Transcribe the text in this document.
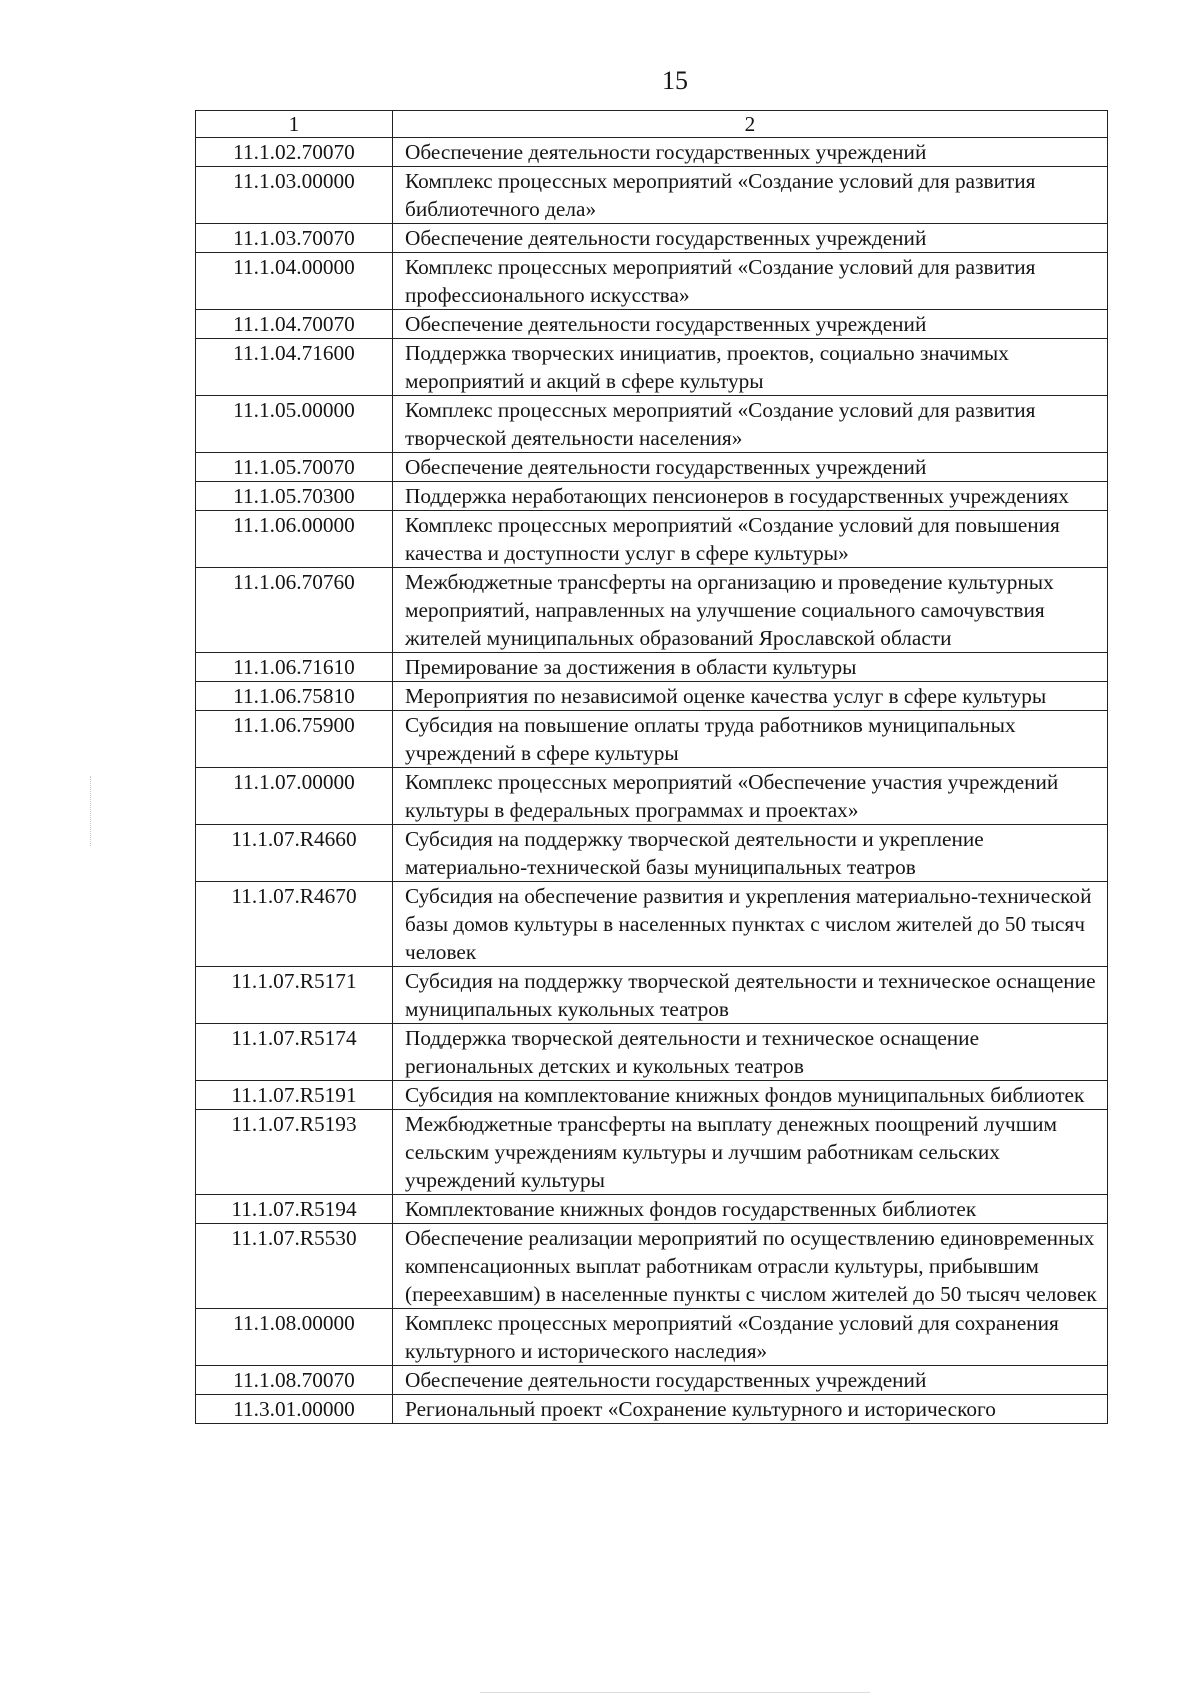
15
1	2
11.1.02.70070	Обеспечение деятельности государственных учреждений
11.1.03.00000	Комплекс процессных мероприятий «Создание условий для развития библиотечного дела»
11.1.03.70070	Обеспечение деятельности государственных учреждений
11.1.04.00000	Комплекс процессных мероприятий «Создание условий для развития профессионального искусства»
11.1.04.70070	Обеспечение деятельности государственных учреждений
11.1.04.71600	Поддержка творческих инициатив, проектов, социально значимых мероприятий и акций в сфере культуры
11.1.05.00000	Комплекс процессных мероприятий «Создание условий для развития творческой деятельности населения»
11.1.05.70070	Обеспечение деятельности государственных учреждений
11.1.05.70300	Поддержка неработающих пенсионеров в государственных учреждениях
11.1.06.00000	Комплекс процессных мероприятий «Создание условий для повышения качества и доступности услуг в сфере культуры»
11.1.06.70760	Межбюджетные трансферты на организацию и проведение культурных мероприятий, направленных на улучшение социального самочувствия жителей муниципальных образований Ярославской области
11.1.06.71610	Премирование за достижения в области культуры
11.1.06.75810	Мероприятия по независимой оценке качества услуг в сфере культуры
11.1.06.75900	Субсидия на повышение оплаты труда работников муниципальных учреждений в сфере культуры
11.1.07.00000	Комплекс процессных мероприятий «Обеспечение участия учреждений культуры в федеральных программах и проектах»
11.1.07.R4660	Субсидия на поддержку творческой деятельности и укрепление материально-технической базы муниципальных театров
11.1.07.R4670	Субсидия на обеспечение развития и укрепления материально-технической базы домов культуры в населенных пунктах с числом жителей до 50 тысяч человек
11.1.07.R5171	Субсидия на поддержку творческой деятельности и техническое оснащение муниципальных кукольных театров
11.1.07.R5174	Поддержка творческой деятельности и техническое оснащение региональных детских и кукольных театров
11.1.07.R5191	Субсидия на комплектование книжных фондов муниципальных библиотек
11.1.07.R5193	Межбюджетные трансферты на выплату денежных поощрений лучшим сельским учреждениям культуры и лучшим работникам сельских учреждений культуры
11.1.07.R5194	Комплектование книжных фондов государственных библиотек
11.1.07.R5530	Обеспечение реализации мероприятий по осуществлению единовременных компенсационных выплат работникам отрасли культуры, прибывшим (переехавшим) в населенные пункты с числом жителей до 50 тысяч человек
11.1.08.00000	Комплекс процессных мероприятий «Создание условий для сохранения культурного и исторического наследия»
11.1.08.70070	Обеспечение деятельности государственных учреждений
11.3.01.00000	Региональный проект «Сохранение культурного и исторического
